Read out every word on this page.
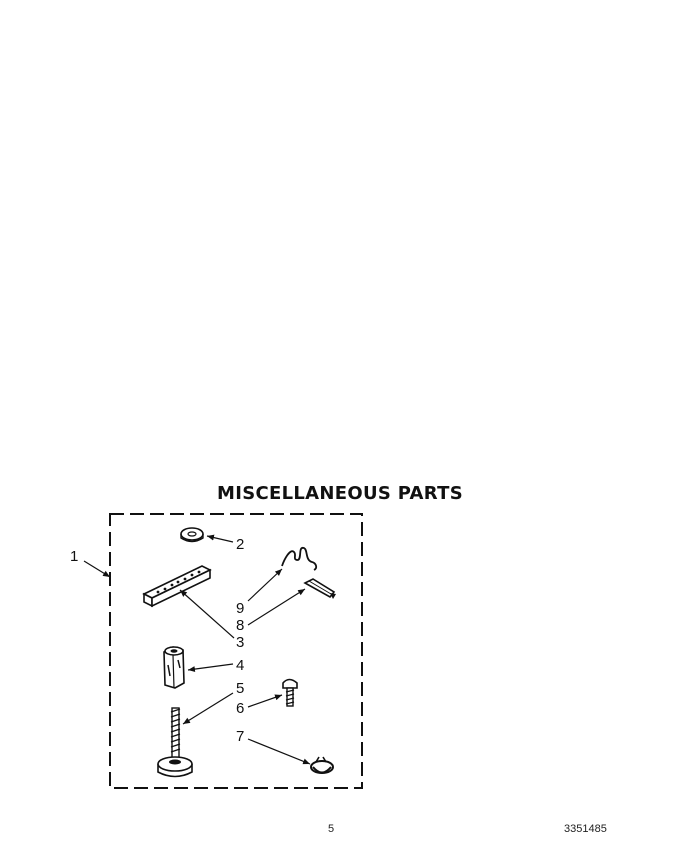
MISCELLANEOUS PARTS
1
2
9
8
3
4
5
6
7
5	3351485
